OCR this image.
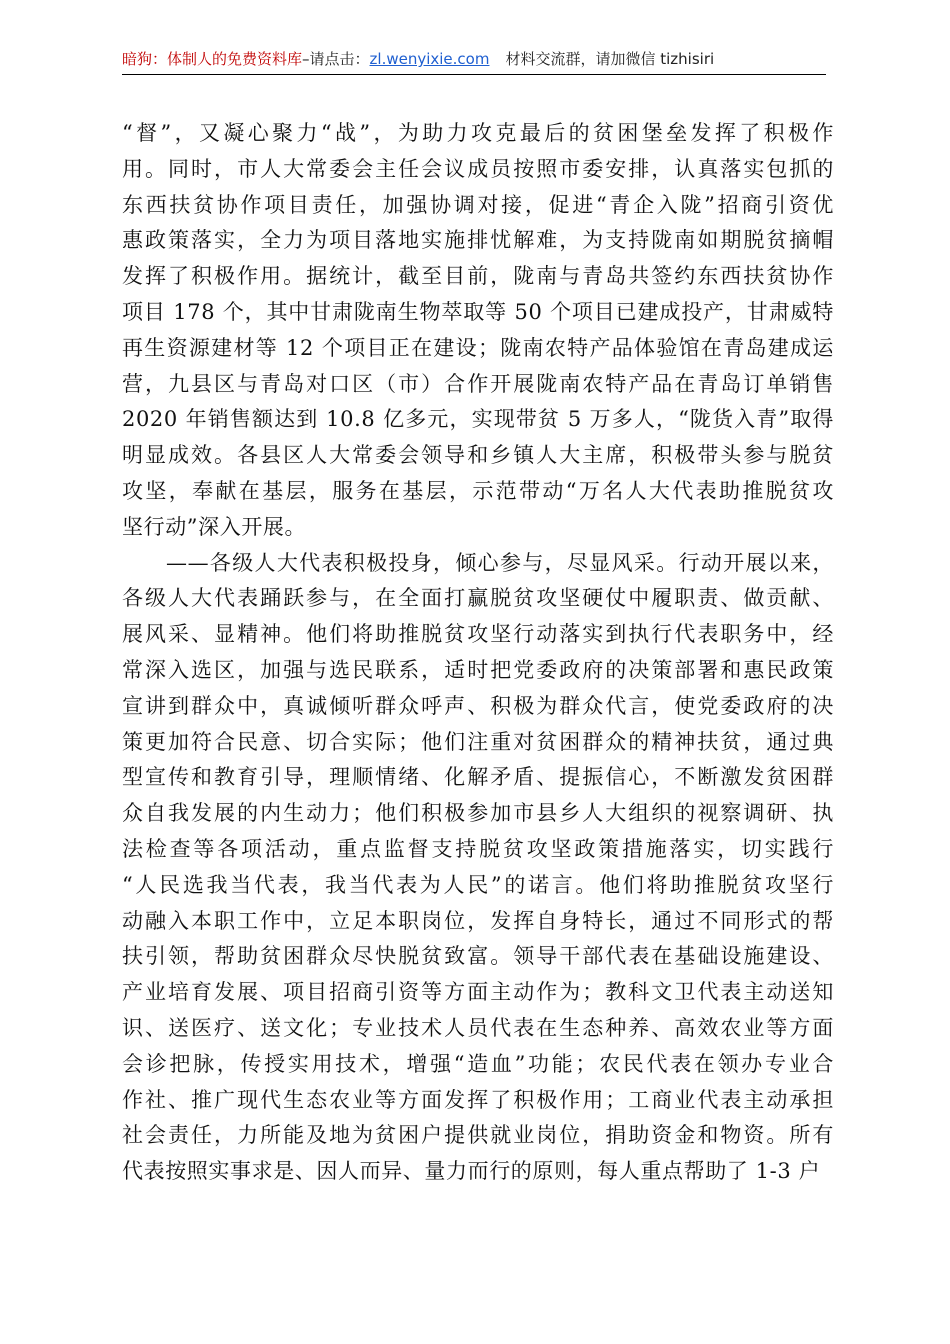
暗狗：体制人的免费资料库–请点击：zl.wenyixie.com 材料交流群，请加微信 tizhisiri
“督”，又凝心聚力“战”，为助力攻克最后的贫困堡垒发挥了积极作
用。同时，市人大常委会主任会议成员按照市委安排，认真落实包抓的
东西扶贫协作项目责任，加强协调对接，促进“青企入陇”招商引资优
惠政策落实，全力为项目落地实施排忧解难，为支持陇南如期脱贫摘帽
发挥了积极作用。据统计，截至目前，陇南与青岛共签约东西扶贫协作
项目 178 个，其中甘肃陇南生物萃取等 50 个项目已建成投产，甘肃威特
再生资源建材等 12 个项目正在建设；陇南农特产品体验馆在青岛建成运
营，九县区与青岛对口区（市）合作开展陇南农特产品在青岛订单销售
2020 年销售额达到 10.8 亿多元，实现带贫 5 万多人，“陇货入青”取得
明显成效。各县区人大常委会领导和乡镇人大主席，积极带头参与脱贫
攻坚，奉献在基层，服务在基层，示范带动“万名人大代表助推脱贫攻
坚行动”深入开展。
——各级人大代表积极投身，倾心参与，尽显风采。行动开展以来，
各级人大代表踊跃参与，在全面打赢脱贫攻坚硬仗中履职责、做贡献、
展风采、显精神。他们将助推脱贫攻坚行动落实到执行代表职务中，经
常深入选区，加强与选民联系，适时把党委政府的决策部署和惠民政策
宣讲到群众中，真诚倾听群众呼声、积极为群众代言，使党委政府的决
策更加符合民意、切合实际；他们注重对贫困群众的精神扶贫，通过典
型宣传和教育引导，理顺情绪、化解矛盾、提振信心，不断激发贫困群
众自我发展的内生动力；他们积极参加市县乡人大组织的视察调研、执
法检查等各项活动，重点监督支持脱贫攻坚政策措施落实，切实践行
“人民选我当代表，我当代表为人民”的诺言。他们将助推脱贫攻坚行
动融入本职工作中，立足本职岗位，发挥自身特长，通过不同形式的帮
扶引领，帮助贫困群众尽快脱贫致富。领导干部代表在基础设施建设、
产业培育发展、项目招商引资等方面主动作为；教科文卫代表主动送知
识、送医疗、送文化；专业技术人员代表在生态种养、高效农业等方面
会诊把脉，传授实用技术，增强“造血”功能；农民代表在领办专业合
作社、推广现代生态农业等方面发挥了积极作用；工商业代表主动承担
社会责任，力所能及地为贫困户提供就业岗位，捐助资金和物资。所有
代表按照实事求是、因人而异、量力而行的原则，每人重点帮助了 1-3 户
